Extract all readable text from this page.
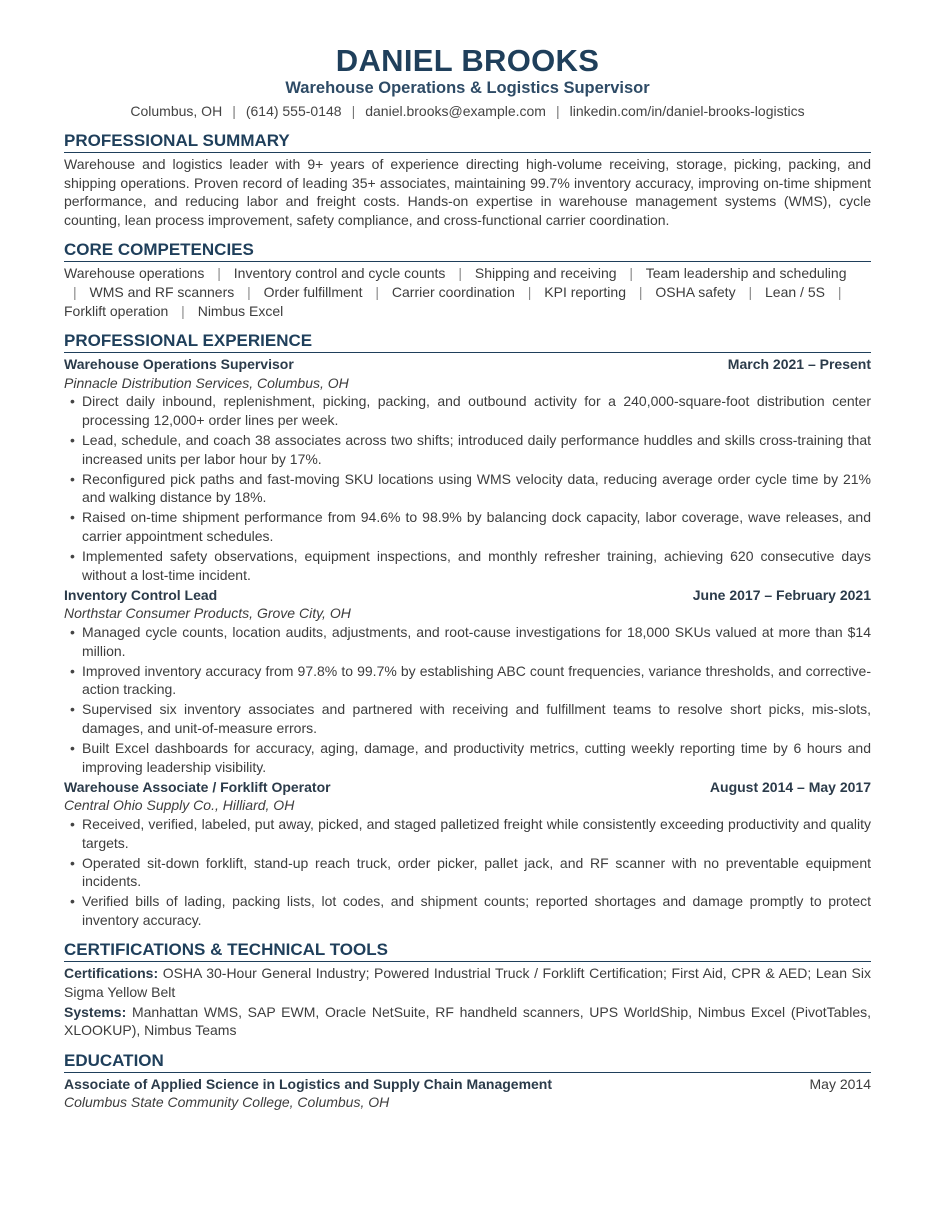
DANIEL BROOKS
Warehouse Operations & Logistics Supervisor
Columbus, OH | (614) 555-0148 | daniel.brooks@example.com | linkedin.com/in/daniel-brooks-logistics
PROFESSIONAL SUMMARY
Warehouse and logistics leader with 9+ years of experience directing high-volume receiving, storage, picking, packing, and shipping operations. Proven record of leading 35+ associates, maintaining 99.7% inventory accuracy, improving on-time shipment performance, and reducing labor and freight costs. Hands-on expertise in warehouse management systems (WMS), cycle counting, lean process improvement, safety compliance, and cross-functional carrier coordination.
CORE COMPETENCIES
Warehouse operations | Inventory control and cycle counts | Shipping and receiving | Team leadership and scheduling | WMS and RF scanners | Order fulfillment | Carrier coordination | KPI reporting | OSHA safety | Lean / 5S | Forklift operation | Nimbus Excel
PROFESSIONAL EXPERIENCE
Warehouse Operations Supervisor	March 2021 – Present
Pinnacle Distribution Services, Columbus, OH
• Direct daily inbound, replenishment, picking, packing, and outbound activity for a 240,000-square-foot distribution center processing 12,000+ order lines per week.
• Lead, schedule, and coach 38 associates across two shifts; introduced daily performance huddles and skills cross-training that increased units per labor hour by 17%.
• Reconfigured pick paths and fast-moving SKU locations using WMS velocity data, reducing average order cycle time by 21% and walking distance by 18%.
• Raised on-time shipment performance from 94.6% to 98.9% by balancing dock capacity, labor coverage, wave releases, and carrier appointment schedules.
• Implemented safety observations, equipment inspections, and monthly refresher training, achieving 620 consecutive days without a lost-time incident.
Inventory Control Lead	June 2017 – February 2021
Northstar Consumer Products, Grove City, OH
• Managed cycle counts, location audits, adjustments, and root-cause investigations for 18,000 SKUs valued at more than $14 million.
• Improved inventory accuracy from 97.8% to 99.7% by establishing ABC count frequencies, variance thresholds, and corrective-action tracking.
• Supervised six inventory associates and partnered with receiving and fulfillment teams to resolve short picks, mis-slots, damages, and unit-of-measure errors.
• Built Excel dashboards for accuracy, aging, damage, and productivity metrics, cutting weekly reporting time by 6 hours and improving leadership visibility.
Warehouse Associate / Forklift Operator	August 2014 – May 2017
Central Ohio Supply Co., Hilliard, OH
• Received, verified, labeled, put away, picked, and staged palletized freight while consistently exceeding productivity and quality targets.
• Operated sit-down forklift, stand-up reach truck, order picker, pallet jack, and RF scanner with no preventable equipment incidents.
• Verified bills of lading, packing lists, lot codes, and shipment counts; reported shortages and damage promptly to protect inventory accuracy.
CERTIFICATIONS & TECHNICAL TOOLS
Certifications: OSHA 30-Hour General Industry; Powered Industrial Truck / Forklift Certification; First Aid, CPR & AED; Lean Six Sigma Yellow Belt
Systems: Manhattan WMS, SAP EWM, Oracle NetSuite, RF handheld scanners, UPS WorldShip, Nimbus Excel (PivotTables, XLOOKUP), Nimbus Teams
EDUCATION
Associate of Applied Science in Logistics and Supply Chain Management	May 2014
Columbus State Community College, Columbus, OH
